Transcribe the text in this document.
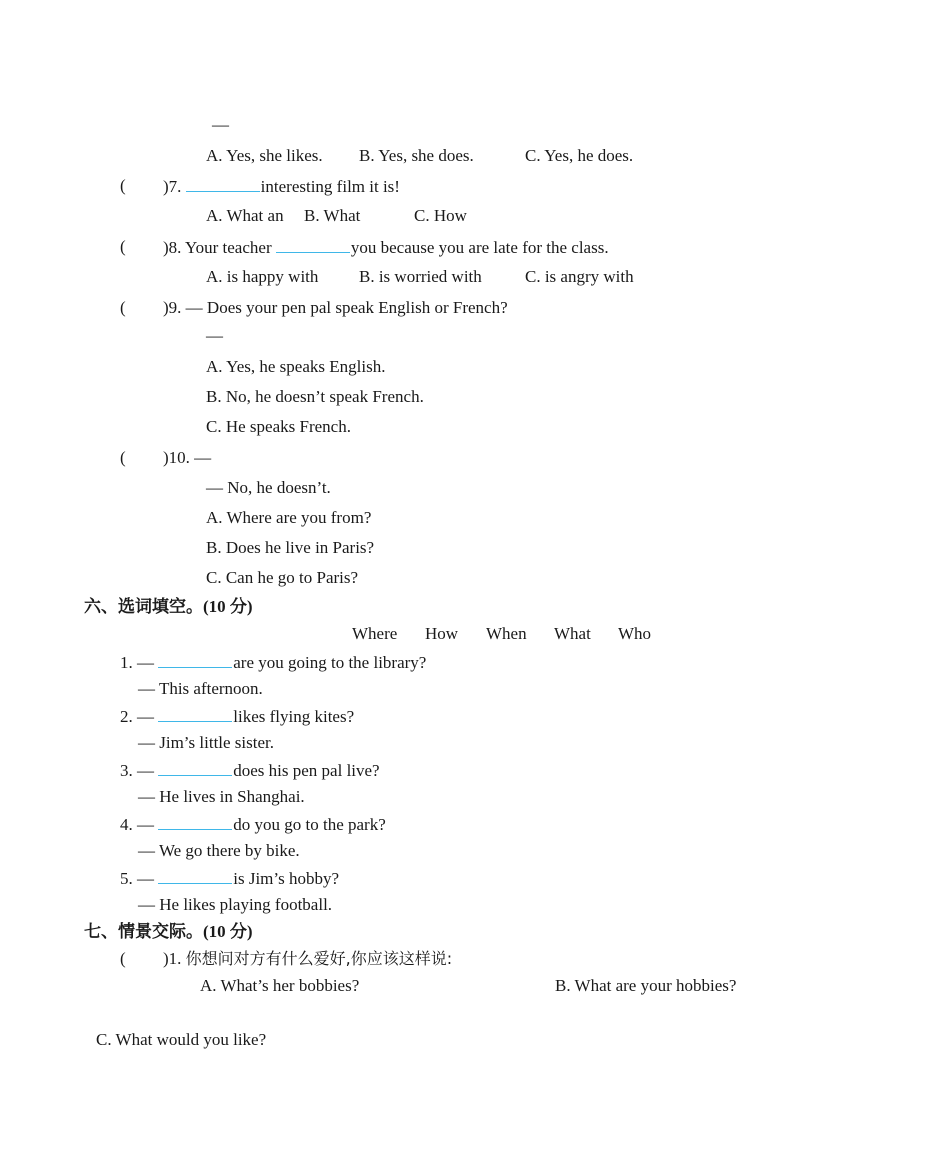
—
A. Yes, she likes. B. Yes, she does.	C. Yes, he does.
( )7.	interesting film it is!
A. What an B. What	C. How
( )8. Your teacher	you because you are late for the class.
A. is happy with B. is worried with	C. is angry with
( )9. — Does your pen pal speak English or French?
—
A. Yes, he speaks English.
B. No, he doesn’t speak French.
C. He speaks French.
( )10. —
— No, he doesn’t.
A. Where are you from?
B. Does he live in Paris?
C. Can he go to Paris?
六、选词填空。(10 分)
Where How When What Who
1. —	are you going to the library?
— This afternoon.
2. —	likes flying kites?
— Jim’s little sister.
3. —	does his pen pal live?
— He lives in Shanghai.
4. —	do you go to the park?
— We go there by bike.
5. —	is Jim’s hobby?
— He likes playing football.
七、情景交际。(10 分)
( )1. 你想问对方有什么爱好,你应该这样说:
A. What’s her bobbies?	B. What are your hobbies?
C. What would you like?
